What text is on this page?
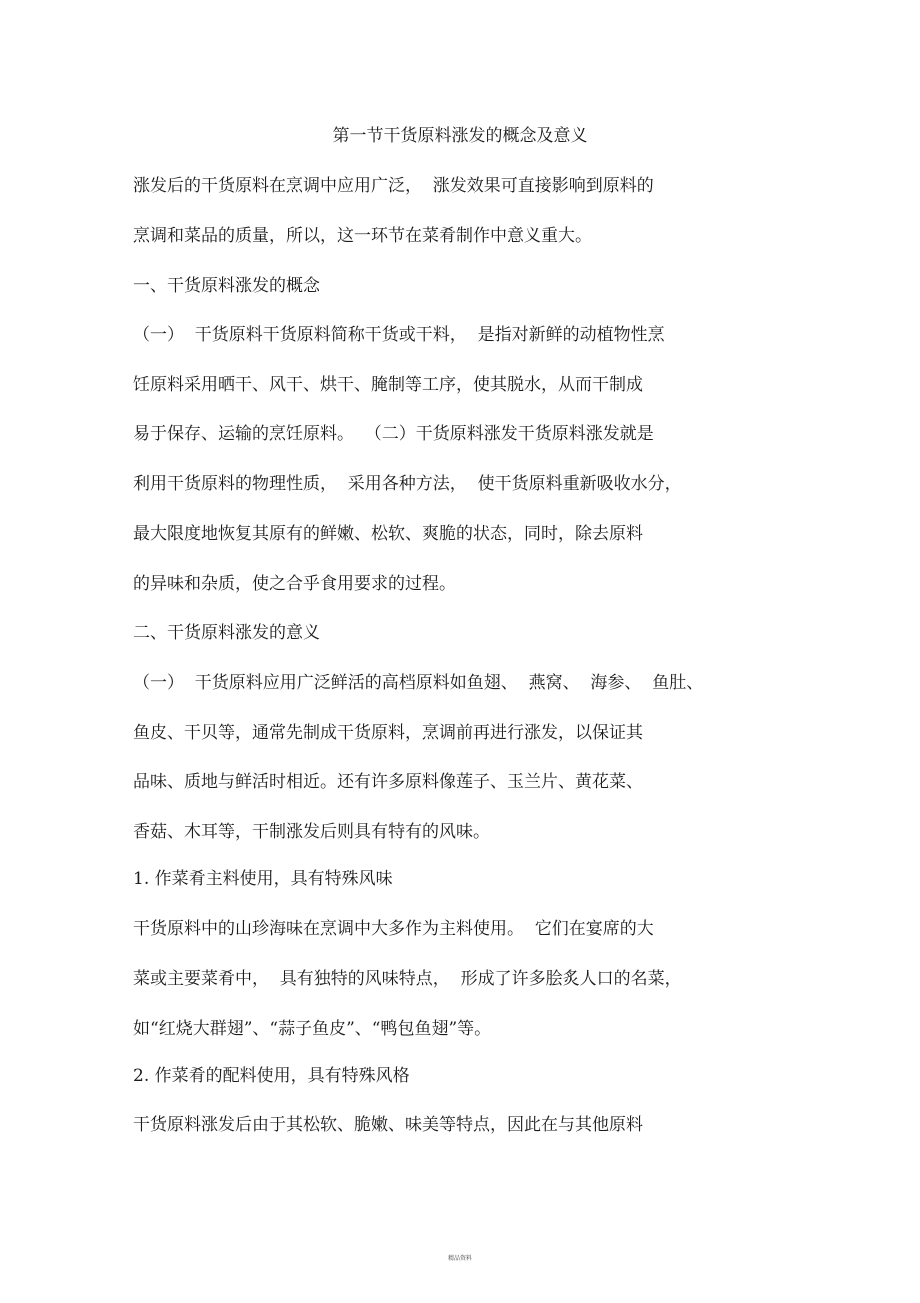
第一节干货原料涨发的概念及意义
涨发后的干货原料在烹调中应用广泛，  涨发效果可直接影响到原料的
烹调和菜品的质量，所以，这一环节在菜肴制作中意义重大。
一、干货原料涨发的概念
（一）  干货原料干货原料简称干货或干料，  是指对新鲜的动植物性烹
饪原料采用晒干、风干、烘干、腌制等工序，使其脱水，从而干制成
易于保存、运输的烹饪原料。  （二）干货原料涨发干货原料涨发就是
利用干货原料的物理性质，  采用各种方法，  使干货原料重新吸收水分，
最大限度地恢复其原有的鲜嫩、松软、爽脆的状态，同时，除去原料
的异味和杂质，使之合乎食用要求的过程。
二、干货原料涨发的意义
（一）  干货原料应用广泛鲜活的高档原料如鱼翅、  燕窝、  海参、  鱼肚、
鱼皮、干贝等，通常先制成干货原料，烹调前再进行涨发，以保证其
品味、质地与鲜活时相近。还有许多原料像莲子、玉兰片、黄花菜、
香菇、木耳等，干制涨发后则具有特有的风味。
1. 作菜肴主料使用，具有特殊风味
干货原料中的山珍海味在烹调中大多作为主料使用。  它们在宴席的大
菜或主要菜肴中，  具有独特的风味特点，  形成了许多脍炙人口的名菜，
如“红烧大群翅”、“蒜子鱼皮”、“鸭包鱼翅”等。
2. 作菜肴的配料使用，具有特殊风格
干货原料涨发后由于其松软、脆嫩、味美等特点，因此在与其他原料
精品资料
